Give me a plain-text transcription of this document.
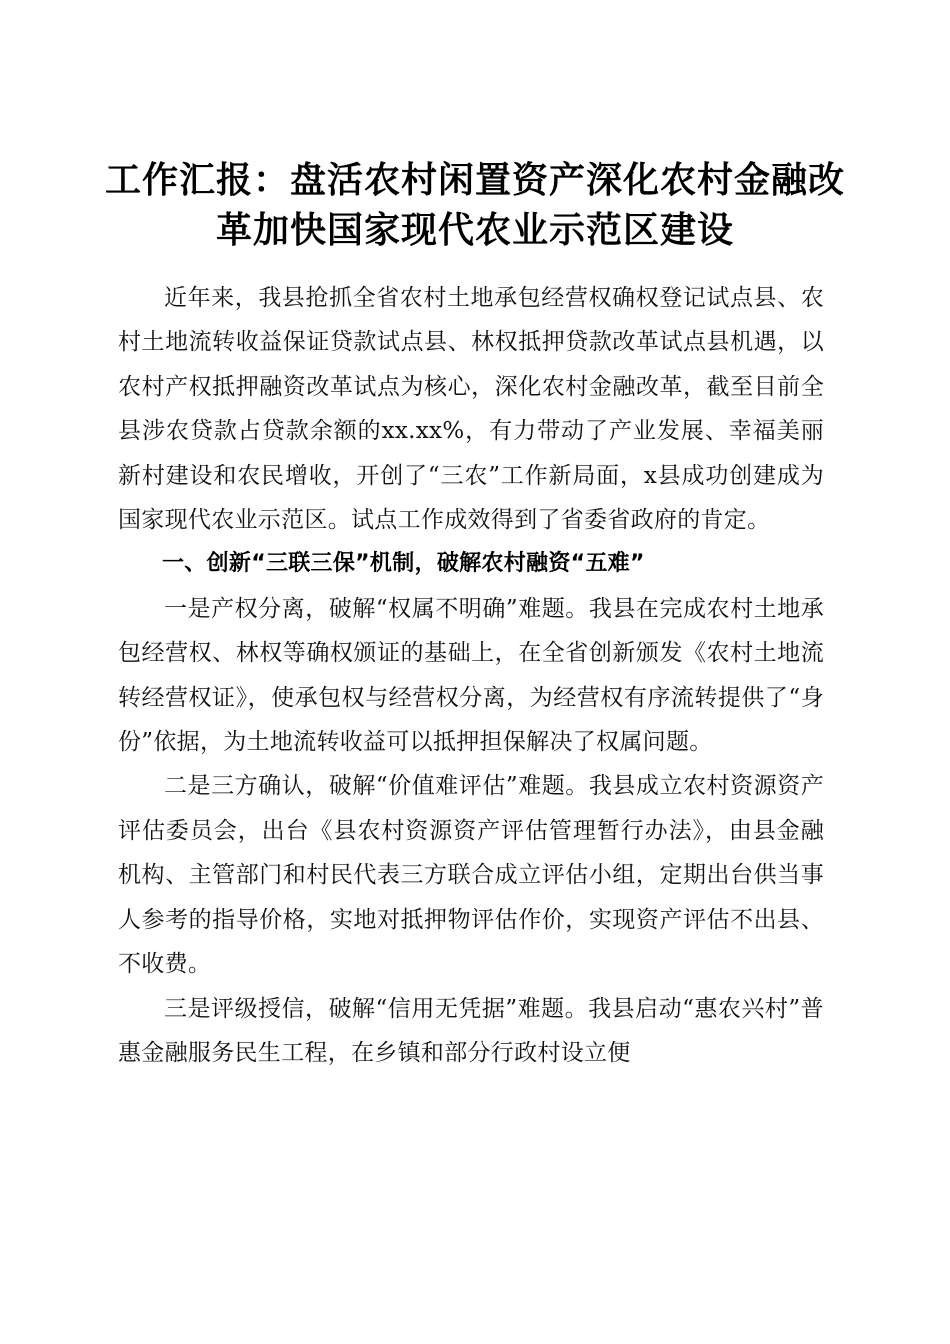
工作汇报：盘活农村闲置资产深化农村金融改
革加快国家现代农业示范区建设

近年来，我县抢抓全省农村土地承包经营权确权登记试点县、农村土地流转收益保证贷款试点县、林权抵押贷款改革试点县机遇，以农村产权抵押融资改革试点为核心，深化农村金融改革，截至目前全县涉农贷款占贷款余额的xx.xx%，有力带动了产业发展、幸福美丽新村建设和农民增收，开创了“三农”工作新局面，x县成功创建成为国家现代农业示范区。试点工作成效得到了省委省政府的肯定。

一、创新“三联三保”机制，破解农村融资“五难”

一是产权分离，破解“权属不明确”难题。我县在完成农村土地承包经营权、林权等确权颁证的基础上，在全省创新颁发《农村土地流转经营权证》，使承包权与经营权分离，为经营权有序流转提供了“身份”依据，为土地流转收益可以抵押担保解决了权属问题。

二是三方确认，破解“价值难评估”难题。我县成立农村资源资产评估委员会，出台《县农村资源资产评估管理暂行办法》，由县金融机构、主管部门和村民代表三方联合成立评估小组，定期出台供当事人参考的指导价格，实地对抵押物评估作价，实现资产评估不出县、不收费。

三是评级授信，破解“信用无凭据”难题。我县启动“惠农兴村”普惠金融服务民生工程，在乡镇和部分行政村设立便
